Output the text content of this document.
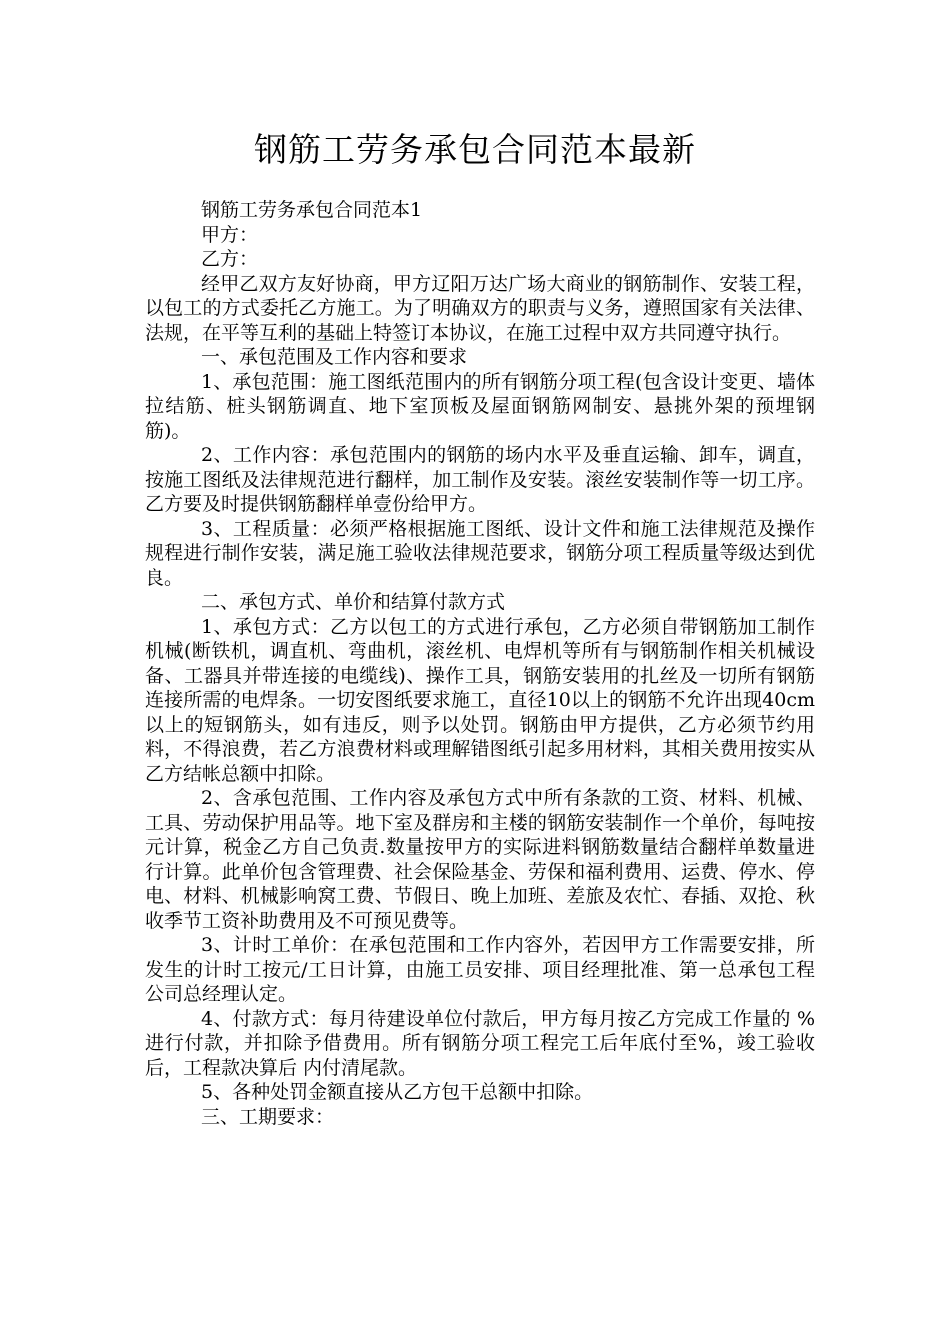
钢筋工劳务承包合同范本最新

钢筋工劳务承包合同范本1

甲方：

乙方：

经甲乙双方友好协商，甲方辽阳万达广场大商业的钢筋制作、安装工程，以包工的方式委托乙方施工。为了明确双方的职责与义务，遵照国家有关法律、法规，在平等互利的基础上特签订本协议，在施工过程中双方共同遵守执行。

一、承包范围及工作内容和要求

1、承包范围：施工图纸范围内的所有钢筋分项工程(包含设计变更、墙体拉结筋、桩头钢筋调直、地下室顶板及屋面钢筋网制安、悬挑外架的预埋钢筋)。

2、工作内容：承包范围内的钢筋的场内水平及垂直运输、卸车，调直，按施工图纸及法律规范进行翻样，加工制作及安装。滚丝安装制作等一切工序。乙方要及时提供钢筋翻样单壹份给甲方。

3、工程质量：必须严格根据施工图纸、设计文件和施工法律规范及操作规程进行制作安装，满足施工验收法律规范要求，钢筋分项工程质量等级达到优良。

二、承包方式、单价和结算付款方式

1、承包方式：乙方以包工的方式进行承包，乙方必须自带钢筋加工制作机械(断铁机，调直机、弯曲机，滚丝机、电焊机等所有与钢筋制作相关机械设备、工器具并带连接的电缆线)、操作工具，钢筋安装用的扎丝及一切所有钢筋连接所需的电焊条。一切安图纸要求施工，直径10以上的钢筋不允许出现40cm以上的短钢筋头，如有违反，则予以处罚。钢筋由甲方提供，乙方必须节约用料，不得浪费，若乙方浪费材料或理解错图纸引起多用材料，其相关费用按实从乙方结帐总额中扣除。

2、含承包范围、工作内容及承包方式中所有条款的工资、材料、机械、工具、劳动保护用品等。地下室及群房和主楼的钢筋安装制作一个单价，每吨按元计算，税金乙方自己负责.数量按甲方的实际进料钢筋数量结合翻样单数量进行计算。此单价包含管理费、社会保险基金、劳保和福利费用、运费、停水、停电、材料、机械影响窝工费、节假日、晚上加班、差旅及农忙、春插、双抢、秋收季节工资补助费用及不可预见费等。

3、计时工单价：在承包范围和工作内容外，若因甲方工作需要安排，所发生的计时工按元/工日计算，由施工员安排、项目经理批准、第一总承包工程公司总经理认定。

4、付款方式：每月待建设单位付款后，甲方每月按乙方完成工作量的 %进行付款，并扣除予借费用。所有钢筋分项工程完工后年底付至%，竣工验收后，工程款决算后 内付清尾款。

5、各种处罚金额直接从乙方包干总额中扣除。

三、工期要求：
